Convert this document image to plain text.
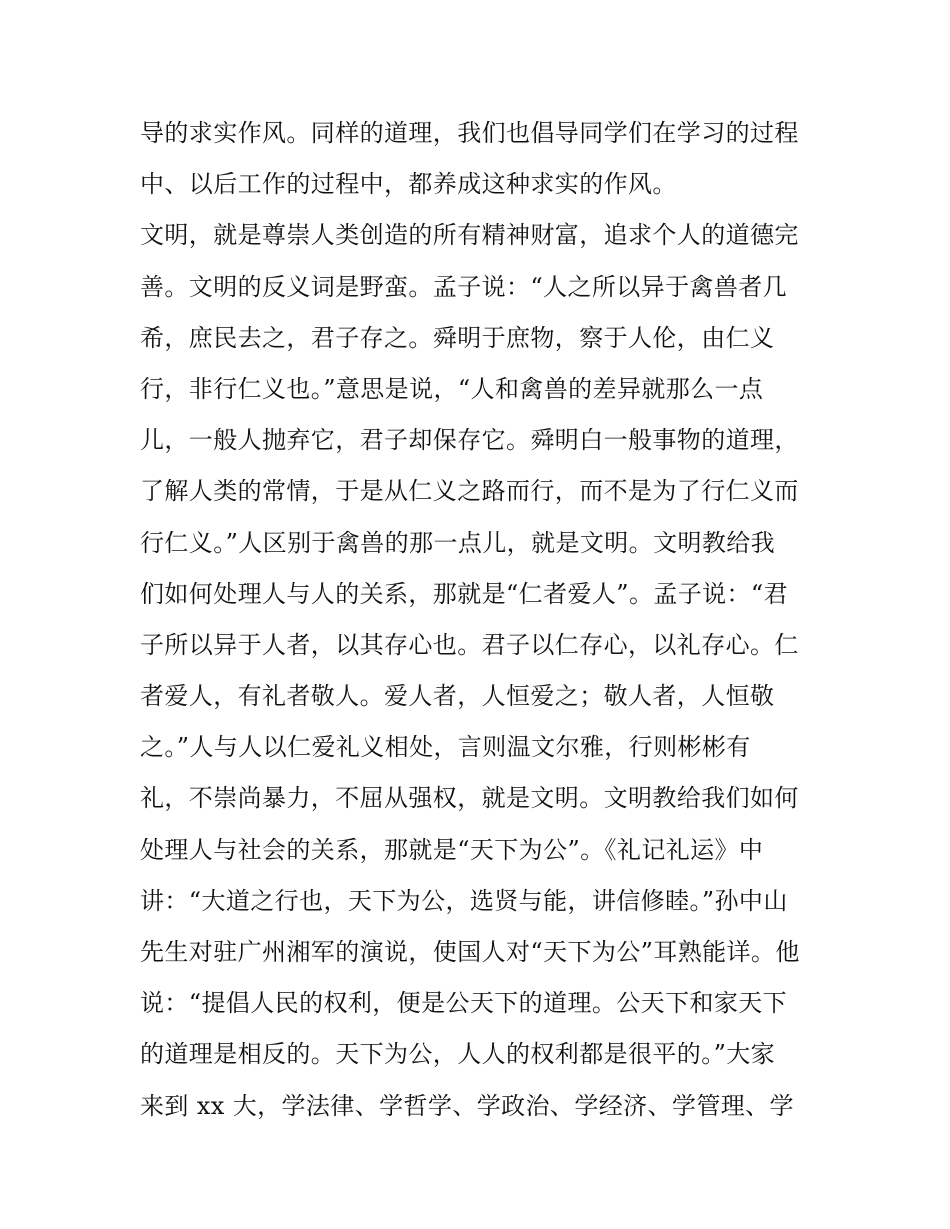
导的求实作风。同样的道理，我们也倡导同学们在学习的过程
中、以后工作的过程中，都养成这种求实的作风。
文明，就是尊崇人类创造的所有精神财富，追求个人的道德完
善。文明的反义词是野蛮。孟子说：“人之所以异于禽兽者几
希，庶民去之，君子存之。舜明于庶物，察于人伦，由仁义
行，非行仁义也。”意思是说，“人和禽兽的差异就那么一点
儿，一般人抛弃它，君子却保存它。舜明白一般事物的道理，
了解人类的常情，于是从仁义之路而行，而不是为了行仁义而
行仁义。”人区别于禽兽的那一点儿，就是文明。文明教给我
们如何处理人与人的关系，那就是“仁者爱人”。孟子说：“君
子所以异于人者，以其存心也。君子以仁存心，以礼存心。仁
者爱人，有礼者敬人。爱人者，人恒爱之；敬人者，人恒敬
之。”人与人以仁爱礼义相处，言则温文尔雅，行则彬彬有
礼，不崇尚暴力，不屈从强权，就是文明。文明教给我们如何
处理人与社会的关系，那就是“天下为公”。《礼记礼运》中
讲：“大道之行也，天下为公，选贤与能，讲信修睦。”孙中山
先生对驻广州湘军的演说，使国人对“天下为公”耳熟能详。他
说：“提倡人民的权利，便是公天下的道理。公天下和家天下
的道理是相反的。天下为公，人人的权利都是很平的。”大家
来到 xx 大，学法律、学哲学、学政治、学经济、学管理、学
